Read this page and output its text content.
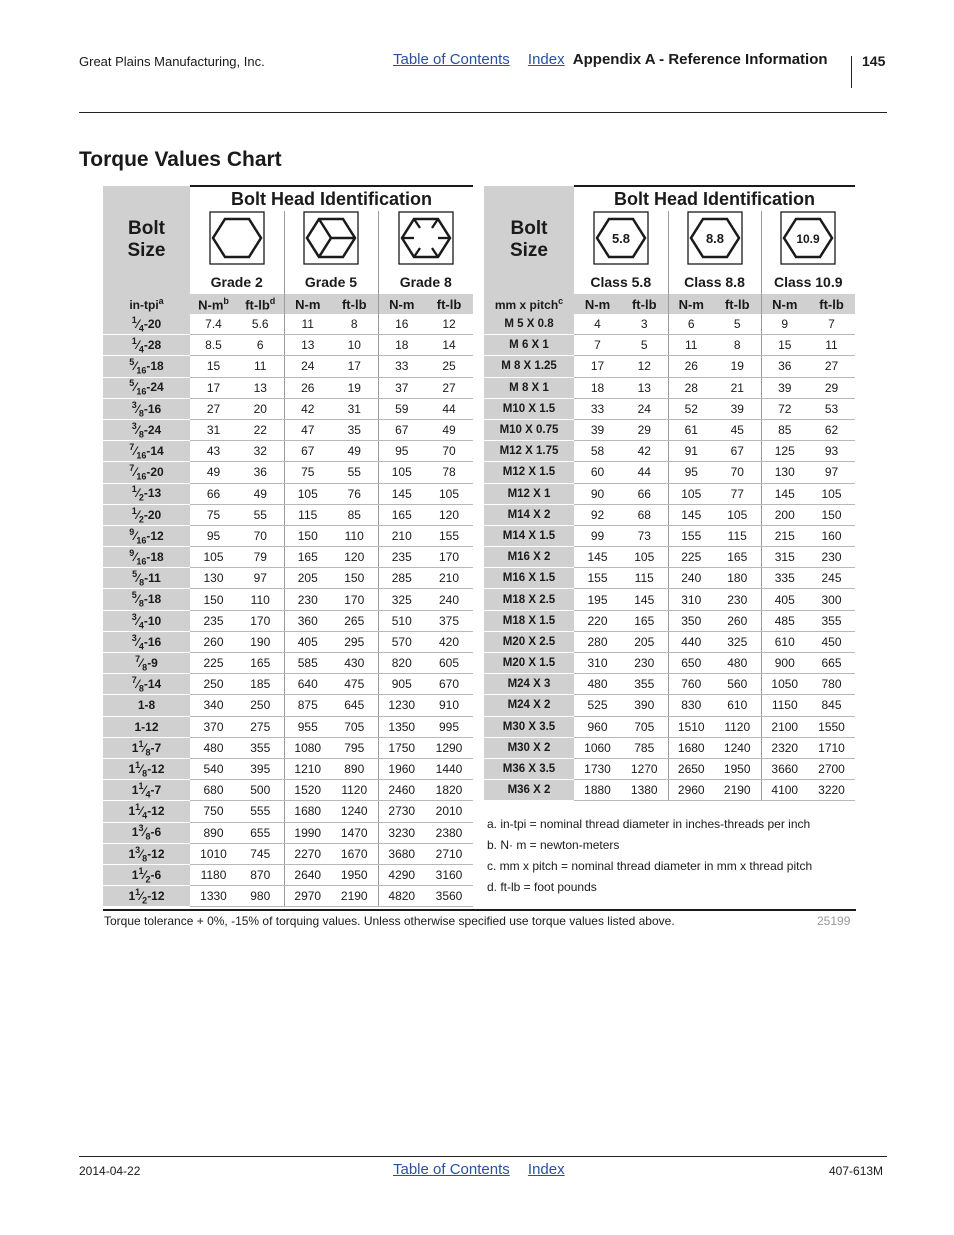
Great Plains Manufacturing, Inc.	Table of Contents Index Appendix A - Reference Information 145
Torque Values Chart
Bolt
Size	Bolt Head Identification					

	Grade 2		Grade 5		Grade 8	
in-tpi$^a$	$N-m^b$	$ft-lb^d$	N-m	ft-lb	N-m	ft-lb
$^1⁄_4-20$	7.4	5.6	11	8	16	12
$^1⁄_4-28$	8.5	6	13	10	18	14
$^5⁄_{16}-18$	15	11	24	17	33	25
$^5⁄_{16}-24$	17	13	26	19	37	27
$^3⁄_8-16$	27	20	42	31	59	44
$^3⁄_8-24$	31	22	47	35	67	49
$^7⁄_{16}-14$	43	32	67	49	95	70
$^7⁄_{16}-20$	49	36	75	55	105	78
$^1⁄_2-13$	66	49	105	76	145	105
$^1⁄_2-20$	75	55	115	85	165	120
$^9⁄_{16}-12$	95	70	150	110	210	155
$^9⁄_{16}-18$	105	79	165	120	235	170
$^5⁄_8-11$	130	97	205	150	285	210
$^5⁄_8-18$	150	110	230	170	325	240
$^3⁄_4-10$	235	170	360	265	510	375
$^3⁄_4-16$	260	190	405	295	570	420
$^7⁄_8-9$	225	165	585	430	820	605
$^7⁄_8-14$	250	185	640	475	905	670
1-8	340	250	875	645	1230	910
1-12	370	275	955	705	1350	995
$1^1⁄_8-7$	480	355	1080	795	1750	1290
$1^1⁄_8-12$	540	395	1210	890	1960	1440
$1^1⁄_4-7$	680	500	1520	1120	2460	1820
$1^1⁄_4-12$	750	555	1680	1240	2730	2010
$1^3⁄_8-6$	890	655	1990	1470	3230	2380
$1^3⁄_8-12$	1010	745	2270	1670	3680	2710
$1^1⁄_2-6$	1180	870	2640	1950	4290	3160
$1^1⁄_2-12$	1330	980	2970	2190	4820	3560
Bolt
Size	Bolt Head Identification					

5.8		8.8		10.9	

	Class 5.8		Class 8.8		Class 10.9	
mm x pitch$^c$	N-m	ft-lb	N-m	ft-lb	N-m	ft-lb
M 5 X 0.8	4	3	6	5	9	7
M 6 X 1	7	5	11	8	15	11
M 8 X 1.25	17	12	26	19	36	27
M 8 X 1	18	13	28	21	39	29
M10 X 1.5	33	24	52	39	72	53
M10 X 0.75	39	29	61	45	85	62
M12 X 1.75	58	42	91	67	125	93
M12 X 1.5	60	44	95	70	130	97
M12 X 1	90	66	105	77	145	105
M14 X 2	92	68	145	105	200	150
M14 X 1.5	99	73	155	115	215	160
M16 X 2	145	105	225	165	315	230
M16 X 1.5	155	115	240	180	335	245
M18 X 2.5	195	145	310	230	405	300
M18 X 1.5	220	165	350	260	485	355
M20 X 2.5	280	205	440	325	610	450
M20 X 1.5	310	230	650	480	900	665
M24 X 3	480	355	760	560	1050	780
M24 X 2	525	390	830	610	1150	845
M30 X 3.5	960	705	1510	1120	2100	1550
M30 X 2	1060	785	1680	1240	2320	1710
M36 X 3.5	1730	1270	2650	1950	3660	2700
M36 X 2	1880	1380	2960	2190	4100	3220
a. in-tpi = nominal thread diameter in inches-threads per inch
b. N· m = newton-meters
c. mm x pitch = nominal thread diameter in mm x thread pitch
d. ft-lb = foot pounds
Torque tolerance + 0%, -15% of torquing values. Unless otherwise specified use torque values listed above.	25199
2014-04-22	Table of Contents Index	407-613M
